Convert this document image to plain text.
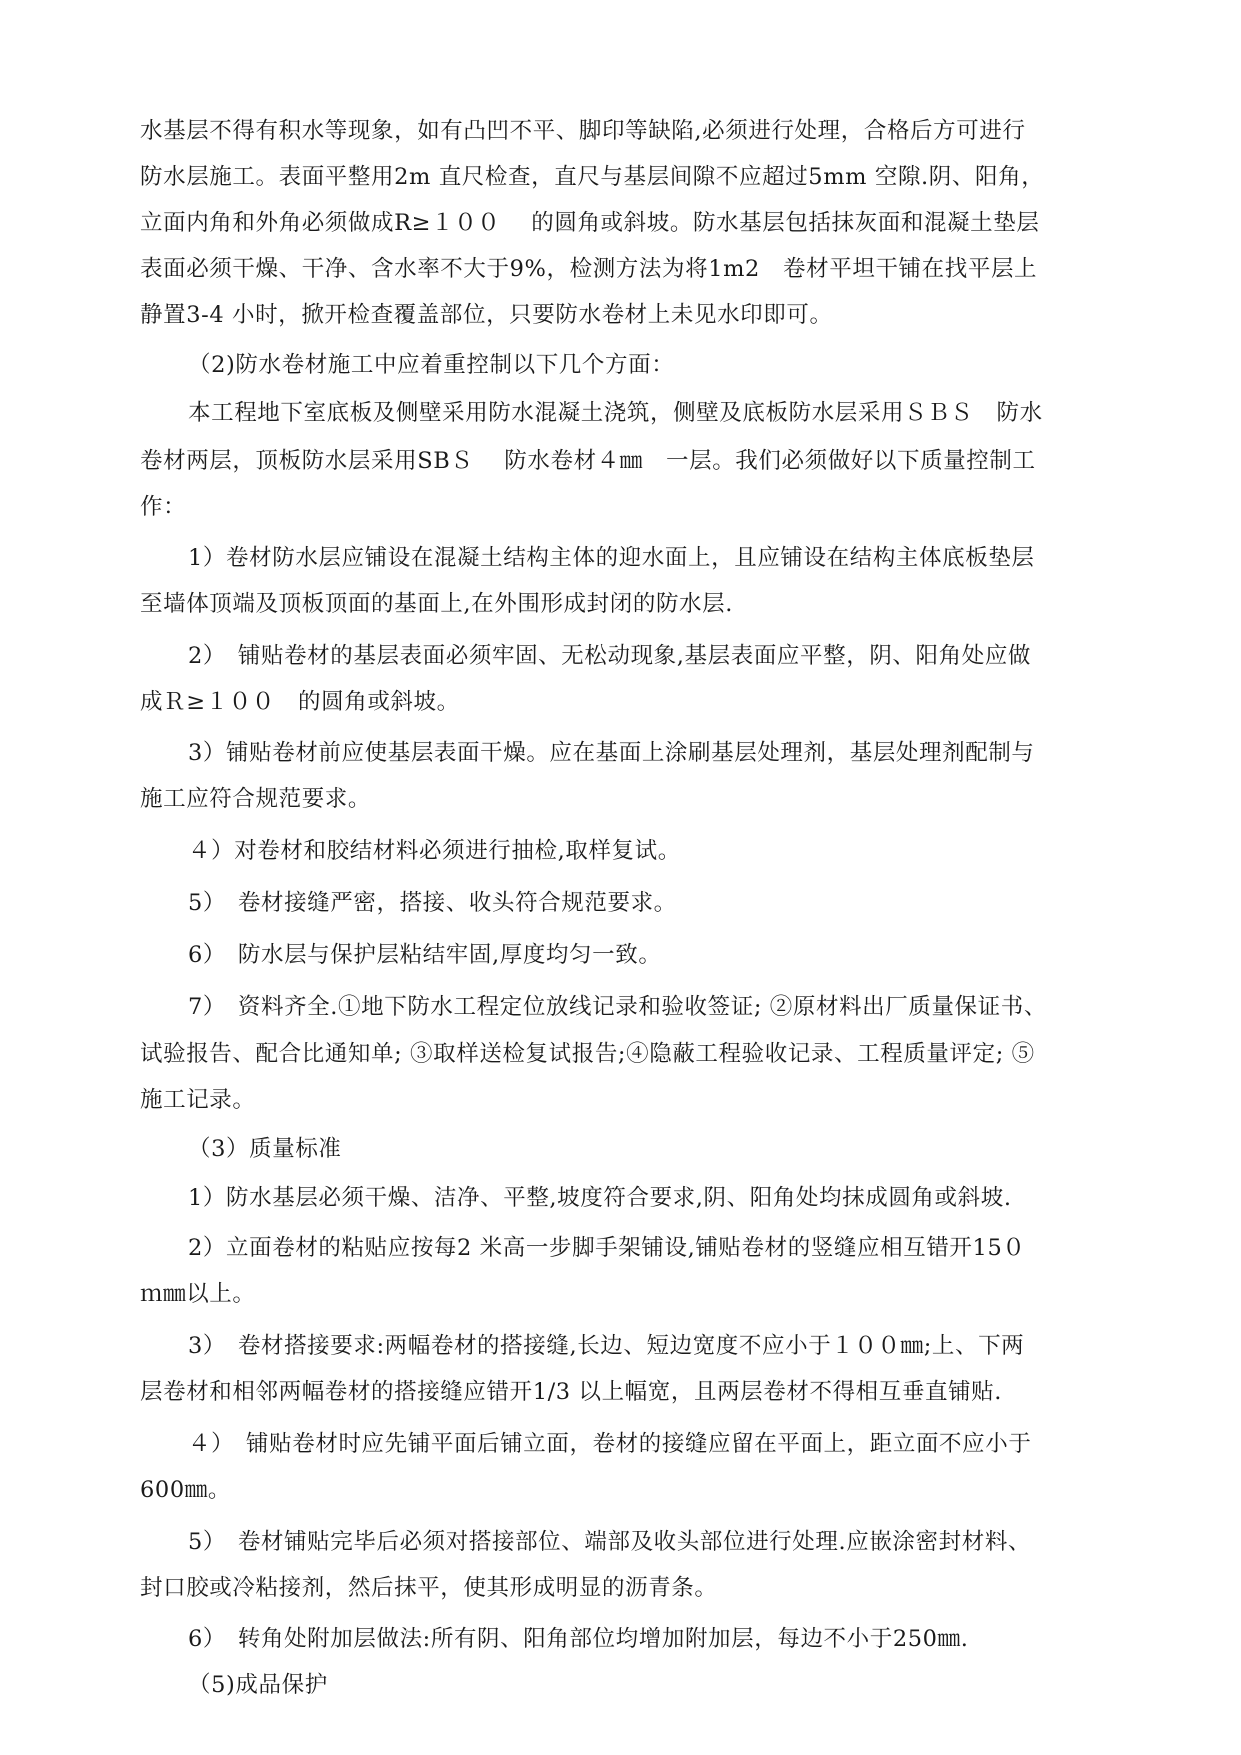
水基层不得有积水等现象，如有凸凹不平、脚印等缺陷,必须进行处理，合格后方可进行
防水层施工。表面平整用2m 直尺检查，直尺与基层间隙不应超过5mm 空隙.阴、阳角，
立面内角和外角必须做成R≥１００　 的圆角或斜坡。防水基层包括抹灰面和混凝土垫层
表面必须干燥、干净、含水率不大于9%，检测方法为将1m2　卷材平坦干铺在找平层上
静置3-4 小时，掀开检查覆盖部位，只要防水卷材上未见水印即可。
（2)防水卷材施工中应着重控制以下几个方面：
本工程地下室底板及侧壁采用防水混凝土浇筑，侧壁及底板防水层采用ＳＢＳ　防水
卷材两层，顶板防水层采用SBＳ　 防水卷材４㎜　一层。我们必须做好以下质量控制工
作：
1）卷材防水层应铺设在混凝土结构主体的迎水面上，且应铺设在结构主体底板垫层
至墙体顶端及顶板顶面的基面上,在外围形成封闭的防水层.
2）　铺贴卷材的基层表面必须牢固、无松动现象,基层表面应平整，阴、阳角处应做
成Ｒ≥１００　的圆角或斜坡。
3）铺贴卷材前应使基层表面干燥。应在基面上涂刷基层处理剂，基层处理剂配制与
施工应符合规范要求。
４）对卷材和胶结材料必须进行抽检,取样复试。
5）　卷材接缝严密，搭接、收头符合规范要求。
6）　防水层与保护层粘结牢固,厚度均匀一致。
7）　资料齐全.①地下防水工程定位放线记录和验收签证; ②原材料出厂质量保证书、
试验报告、配合比通知单; ③取样送检复试报告;④隐蔽工程验收记录、工程质量评定; ⑤
施工记录。
（3）质量标准
1）防水基层必须干燥、洁净、平整,坡度符合要求,阴、阳角处均抹成圆角或斜坡.
2）立面卷材的粘贴应按每2 米高一步脚手架铺设,铺贴卷材的竖缝应相互错开15０
ｍ㎜以上。
3）　卷材搭接要求:两幅卷材的搭接缝,长边、短边宽度不应小于１００㎜;上、下两
层卷材和相邻两幅卷材的搭接缝应错开1/3 以上幅宽，且两层卷材不得相互垂直铺贴.
４）　铺贴卷材时应先铺平面后铺立面，卷材的接缝应留在平面上，距立面不应小于
600㎜。
5）　卷材铺贴完毕后必须对搭接部位、端部及收头部位进行处理.应嵌涂密封材料、
封口胶或冷粘接剂，然后抹平，使其形成明显的沥青条。
6）　转角处附加层做法:所有阴、阳角部位均增加附加层，每边不小于250㎜.
（5)成品保护
